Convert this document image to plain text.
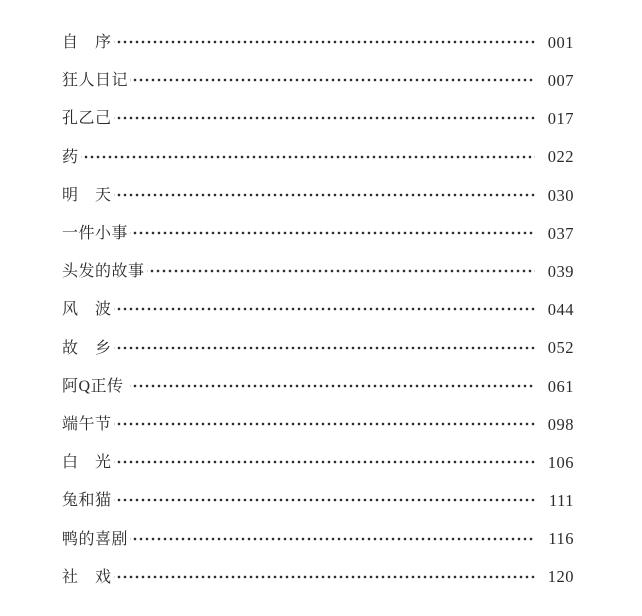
自　序	001
狂人日记	007
孔乙己	017
药	022
明　天	030
一件小事	037
头发的故事	039
风　波	044
故　乡	052
阿Q正传	061
端午节	098
白　光	106
兔和猫	111
鸭的喜剧	116
社　戏	120
